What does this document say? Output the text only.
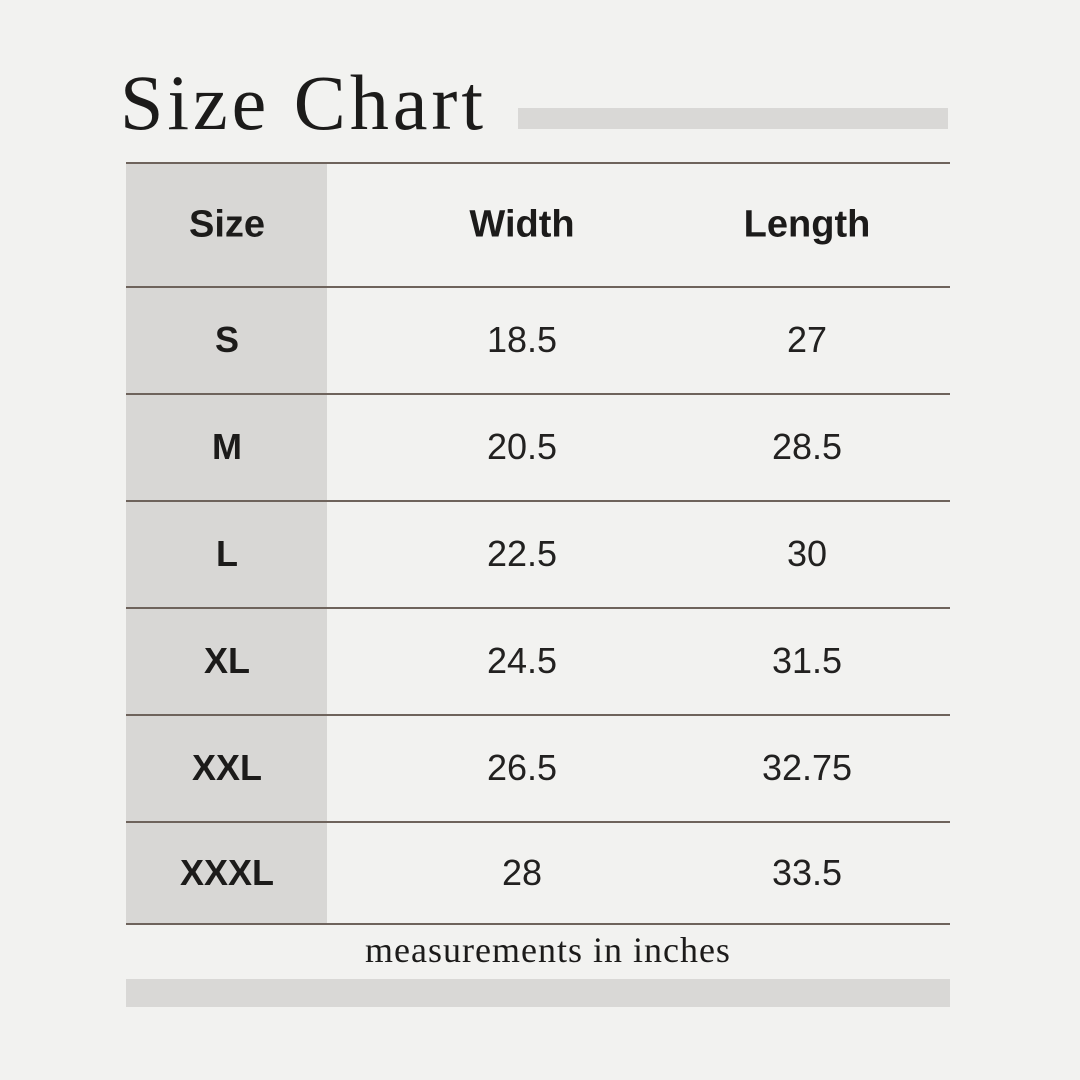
Size Chart
Size	Width	Length
S	18.5	27
M	20.5	28.5
L	22.5	30
XL	24.5	31.5
XXL	26.5	32.75
XXXL	28	33.5
measurements in inches
